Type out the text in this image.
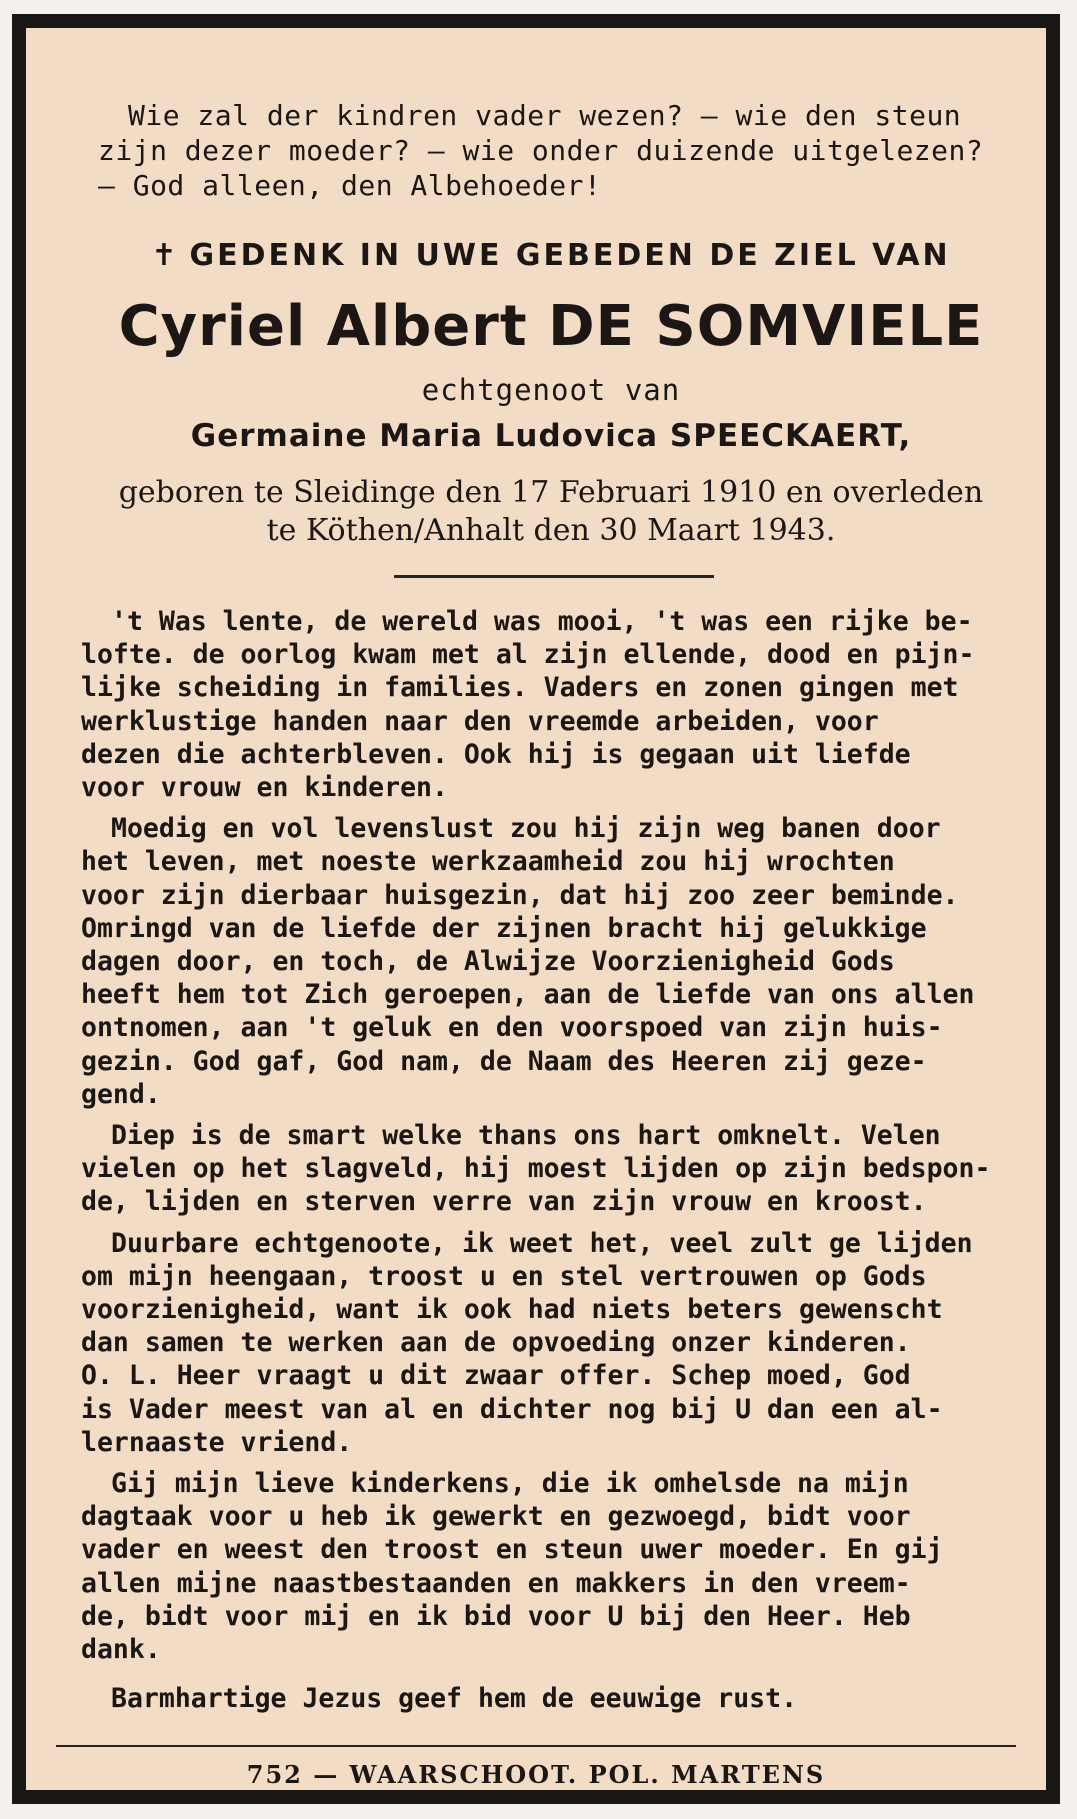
Wie zal der kindren vader wezen? — wie den steun
zijn dezer moeder? — wie onder duizende uitgelezen?
— God alleen, den Albehoeder!
✝ GEDENK IN UWE GEBEDEN DE ZIEL VAN
Cyriel Albert DE SOMVIELE
echtgenoot van
Germaine Maria Ludovica SPEECKAERT,
geboren te Sleidinge den 17 Februari 1910 en overleden
te Köthen/Anhalt den 30 Maart 1943.

't Was lente, de wereld was mooi, 't was een rijke be-
lofte. de oorlog kwam met al zijn ellende, dood en pijn-
lijke scheiding in families. Vaders en zonen gingen met
werklustige handen naar den vreemde arbeiden, voor
dezen die achterbleven. Ook hij is gegaan uit liefde
voor vrouw en kinderen.

Moedig en vol levenslust zou hij zijn weg banen door
het leven, met noeste werkzaamheid zou hij wrochten
voor zijn dierbaar huisgezin, dat hij zoo zeer beminde.
Omringd van de liefde der zijnen bracht hij gelukkige
dagen door, en toch, de Alwijze Voorzienigheid Gods
heeft hem tot Zich geroepen, aan de liefde van ons allen
ontnomen, aan 't geluk en den voorspoed van zijn huis-
gezin. God gaf, God nam, de Naam des Heeren zij geze-
gend.

Diep is de smart welke thans ons hart omknelt. Velen
vielen op het slagveld, hij moest lijden op zijn bedspon-
de, lijden en sterven verre van zijn vrouw en kroost.

Duurbare echtgenoote, ik weet het, veel zult ge lijden
om mijn heengaan, troost u en stel vertrouwen op Gods
voorzienigheid, want ik ook had niets beters gewenscht
dan samen te werken aan de opvoeding onzer kinderen.
O. L. Heer vraagt u dit zwaar offer. Schep moed, God
is Vader meest van al en dichter nog bij U dan een al-
lernaaste vriend.

Gij mijn lieve kinderkens, die ik omhelsde na mijn
dagtaak voor u heb ik gewerkt en gezwoegd, bidt voor
vader en weest den troost en steun uwer moeder. En gij
allen mijne naastbestaanden en makkers in den vreem-
de, bidt voor mij en ik bid voor U bij den Heer. Heb
dank.

Barmhartige Jezus geef hem de eeuwige rust.
752 — WAARSCHOOT. POL. MARTENS
